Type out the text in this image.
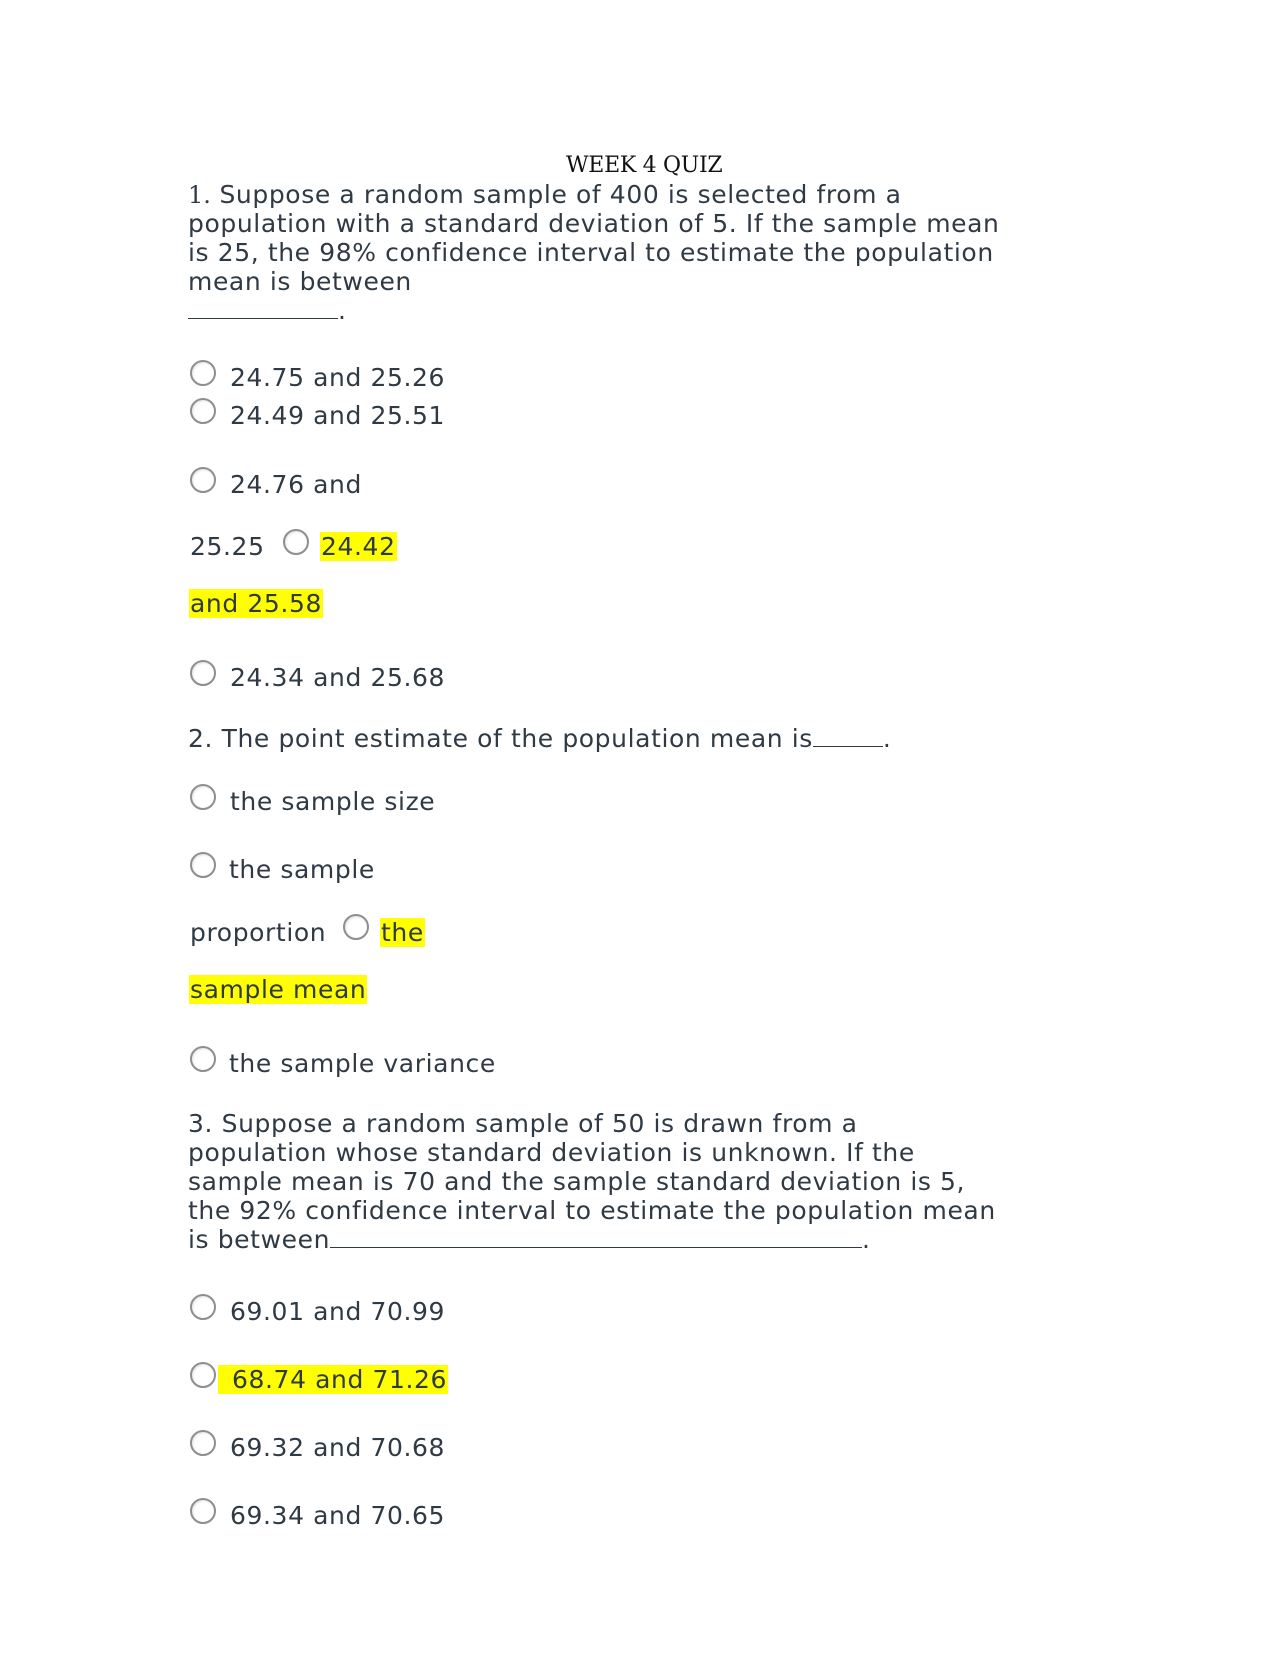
WEEK 4 QUIZ
1. Suppose a random sample of 400 is selected from a
population with a standard deviation of 5. If the sample mean
is 25, the 98% confidence interval to estimate the population
mean is between
.
24.75 and 25.26
24.49 and 25.51
24.76 and
25.25 24.42
and 25.58
24.34 and 25.68
2. The point estimate of the population mean is	.
the sample size
the sample
proportion the
sample mean
the sample variance
3. Suppose a random sample of 50 is drawn from a
population whose standard deviation is unknown. If the
sample mean is 70 and the sample standard deviation is 5,
the 92% confidence interval to estimate the population mean
is between	.
69.01 and 70.99
68.74 and 71.26
69.32 and 70.68
69.34 and 70.65
